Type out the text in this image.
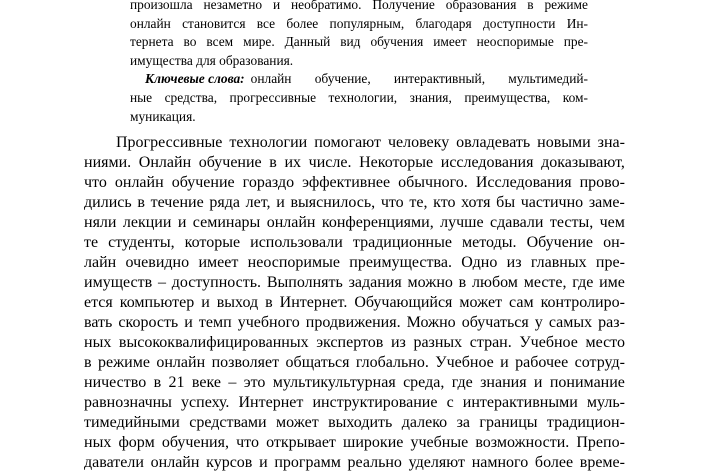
произошла незаметно и необратимо. Получение образования в режиме
онлайн становится все более популярным, благодаря доступности Ин-
тернета во всем мире. Данный вид обучения имеет неоспоримые пре-
имущества для образования.
Ключевые слова: онлайн обучение, интерактивный, мультимедий-
ные средства, прогрессивные технологии, знания, преимущества, ком-
муникация.
Прогрессивные технологии помогают человеку овладевать новыми зна-
ниями. Онлайн обучение в их числе. Некоторые исследования доказывают,
что онлайн обучение гораздо эффективнее обычного. Исследования прово-
дились в течение ряда лет, и выяснилось, что те, кто хотя бы частично заме-
няли лекции и семинары онлайн конференциями, лучше сдавали тесты, чем
те студенты, которые использовали традиционные методы. Обучение он-
лайн очевидно имеет неоспоримые преимущества. Одно из главных пре-
имуществ – доступность. Выполнять задания можно в любом месте, где име
ется компьютер и выход в Интернет. Обучающийся может сам контролиро-
вать скорость и темп учебного продвижения. Можно обучаться у самых раз-
ных высококвалифицированных экспертов из разных стран. Учебное место
в режиме онлайн позволяет общаться глобально. Учебное и рабочее сотруд-
ничество в 21 веке – это мультикультурная среда, где знания и понимание
равнозначны успеху. Интернет инструктирование с интерактивными муль-
тимедийными средствами может выходить далеко за границы традицион-
ных форм обучения, что открывает широкие учебные возможности. Препо-
даватели онлайн курсов и программ реально уделяют намного более време-
